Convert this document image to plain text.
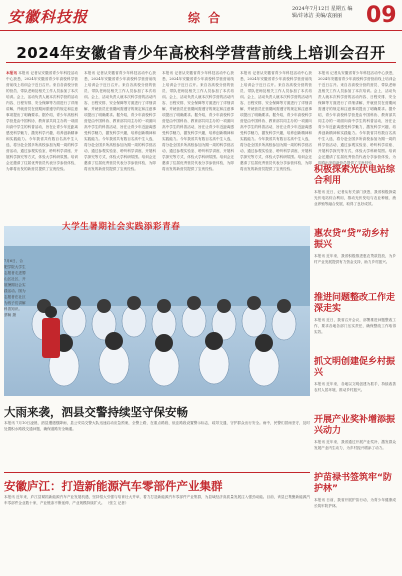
安徽科技报	综 合
2024年7月12日 星期五 编辑/许冰洁 美编/袁丽丽	09
2024年安徽省青少年高校科学营营前线上培训会召开
本报讯 本报讯 记者从安徽省青少年科技活动中心获悉，2024年安徽省青少年高校科学营营前线上培训会于近日召开。来自各高校分营的营员、带队老师及相关工作人员参加了本次培训。会上，活动负责人就本次科学营的活动内容、日程安排、安全保障等方面进行了详细讲解，并就营员在营期间需遵守的规定和注意事项提出了明确要求。据介绍，青少年高校科学营是由中国科协、教育部共同主办的一项面向高中学生的科普活动，旨在让青少年近距离感受科学魅力，激发科学兴趣，培养创新精神和实践能力。今年我省共有数百名高中生入选，将分赴全国多所高校参加为期一周的科学营活动，通过参观实验室、聆听科学讲座、开展科学探究等方式，体验大学科研氛围。培训会还邀请了往届优秀营员代表分享参营体验，为即将出发的新营员提供了宝贵经验。
本报讯 记者从安徽省青少年科技活动中心获悉，2024年安徽省青少年高校科学营营前线上培训会于近日召开。来自各高校分营的营员、带队老师及相关工作人员参加了本次培训。会上，活动负责人就本次科学营的活动内容、日程安排、安全保障等方面进行了详细讲解，并就营员在营期间需遵守的规定和注意事项提出了明确要求。据介绍，青少年高校科学营是由中国科协、教育部共同主办的一项面向高中学生的科普活动，旨在让青少年近距离感受科学魅力，激发科学兴趣，培养创新精神和实践能力。今年我省共有数百名高中生入选，将分赴全国多所高校参加为期一周的科学营活动，通过参观实验室、聆听科学讲座、开展科学探究等方式，体验大学科研氛围。培训会还邀请了往届优秀营员代表分享参营体验，为即将出发的新营员提供了宝贵经验。
本报讯 记者从安徽省青少年科技活动中心获悉，2024年安徽省青少年高校科学营营前线上培训会于近日召开。来自各高校分营的营员、带队老师及相关工作人员参加了本次培训。会上，活动负责人就本次科学营的活动内容、日程安排、安全保障等方面进行了详细讲解，并就营员在营期间需遵守的规定和注意事项提出了明确要求。据介绍，青少年高校科学营是由中国科协、教育部共同主办的一项面向高中学生的科普活动，旨在让青少年近距离感受科学魅力，激发科学兴趣，培养创新精神和实践能力。今年我省共有数百名高中生入选，将分赴全国多所高校参加为期一周的科学营活动，通过参观实验室、聆听科学讲座、开展科学探究等方式，体验大学科研氛围。培训会还邀请了往届优秀营员代表分享参营体验，为即将出发的新营员提供了宝贵经验。
本报讯 记者从安徽省青少年科技活动中心获悉，2024年安徽省青少年高校科学营营前线上培训会于近日召开。来自各高校分营的营员、带队老师及相关工作人员参加了本次培训。会上，活动负责人就本次科学营的活动内容、日程安排、安全保障等方面进行了详细讲解，并就营员在营期间需遵守的规定和注意事项提出了明确要求。据介绍，青少年高校科学营是由中国科协、教育部共同主办的一项面向高中学生的科普活动，旨在让青少年近距离感受科学魅力，激发科学兴趣，培养创新精神和实践能力。今年我省共有数百名高中生入选，将分赴全国多所高校参加为期一周的科学营活动，通过参观实验室、聆听科学讲座、开展科学探究等方式，体验大学科研氛围。培训会还邀请了往届优秀营员代表分享参营体验，为即将出发的新营员提供了宝贵经验。
本报讯 记者从安徽省青少年科技活动中心获悉，2024年安徽省青少年高校科学营营前线上培训会于近日召开。来自各高校分营的营员、带队老师及相关工作人员参加了本次培训。会上，活动负责人就本次科学营的活动内容、日程安排、安全保障等方面进行了详细讲解，并就营员在营期间需遵守的规定和注意事项提出了明确要求。据介绍，青少年高校科学营是由中国科协、教育部共同主办的一项面向高中学生的科普活动，旨在让青少年近距离感受科学魅力，激发科学兴趣，培养创新精神和实践能力。今年我省共有数百名高中生入选，将分赴全国多所高校参加为期一周的科学营活动，通过参观实验室、聆听科学讲座、开展科学探究等方式，体验大学科研氛围。培训会还邀请了往届优秀营员代表分享参营体验，为即将出发的新营员提供了宝贵经验。
大学生暑期社会实践添彩青春
7月6日，合肥学院大学生志愿者走进蜀山区社区，开展暑期社会实践活动。图为志愿者在社区为孩子们讲解科普知识。 蔡畅 摄
积极探索光伏电站综合利用
本报讯 近日，记者从有关部门获悉，我省积极探索光伏电站综合利用，推动光伏发电与农业种植、渔业养殖等融合发展，取得了良好成效。
惠农贷“贷”动乡村振兴
本报讯 近年来，我省积极推进惠农贷款投放，为乡村产业发展提供有力资金支持，助力乡村振兴。
推进问题整改工作走深走实
本报讯 近日，我省召开会议，部署推进问题整改工作，要求各地各部门压实责任，确保整改工作取得实效。
抓文明创建促乡村振兴
本报讯 近年来，各地以文明创建为抓手，持续改善农村人居环境，推动乡村振兴。
开展产业奖补增添振兴动力
本报讯 近年来，我省通过开展产业奖补，激发群众发展产业内生动力，为乡村振兴增添了动力。
护苗禄书签筑牢“防护林”
本报讯 日前，我省开展护苗行动，为青少年健康成长筑牢防护林。
大雨来袭，泗县交警持续坚守保安畅
本报讯 7月10日凌晨，泗县遭遇强降雨，县公安局交警大队迅速启动应急预案，全警上路，在重点路段、低洼路段设置警示标志，疏导交通，守护群众出行安全。雨中，民警们冒雨坚守，及时处置积水路段交通问题，确保道路安全畅通。
安徽庐江：打造新能源汽车零部件产业集群
本报讯 近年来，庐江县紧抓新能源汽车产业发展机遇，坚持招大引强与培育壮大并举，着力打造新能源汽车零部件产业集群，为县域经济高质量发展注入强劲动能。目前，该县已集聚新能源汽车零部件企业数十家，产业链条不断延伸，产业规模持续扩大。 （张立 记者）
